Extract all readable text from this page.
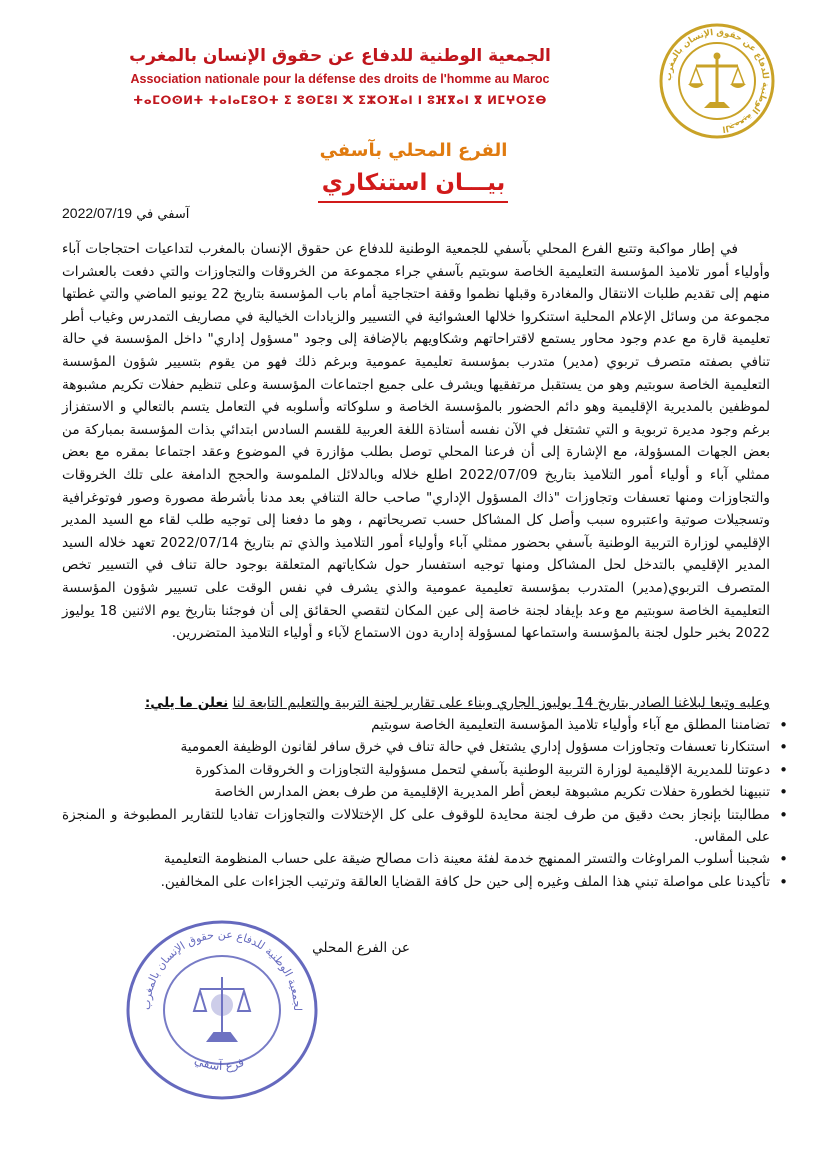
الجمعية الوطنية للدفاع عن حقوق الإنسان بالمغرب
Association nationale pour la défense des droits de l'homme au Maroc
ⵜⴰⵎⵔⵙⵍⵜ ⵜⴰⵏⴰⵎⵓⵔⵜ ⵉ ⵓⵙⵎⵓⵏ ⵅ ⵉⵣⵔⴼⴰⵏ ⵏ ⵓⴼⴳⴰⵏ ⴳ ⵍⵎⵖⵔⵉⴱ
الجمعية الوطنية للدفاع عن حقوق الإنسان بالمغرب
الفرع المحلي بآسفي
بيـــان استنكاري
آسفي في 2022/07/19
في إطار مواكبة وتتبع الفرع المحلي بآسفي للجمعية الوطنية للدفاع عن حقوق الإنسان بالمغرب لتداعيات احتجاجات آباء وأولياء أمور تلاميذ المؤسسة التعليمية الخاصة سوبتيم بآسفي جراء مجموعة من الخروقات والتجاوزات والتي دفعت بالعشرات منهم إلى تقديم طلبات الانتقال والمغادرة وقبلها نظموا وقفة احتجاجية أمام باب المؤسسة بتاريخ 22 يونيو الماضي والتي غطتها مجموعة من وسائل الإعلام المحلية استنكروا خلالها العشوائية في التسيير والزيادات الخيالية في مصاريف التمدرس وغياب أطر تعليمية قارة مع عدم وجود محاور يستمع لاقتراحاتهم وشكاويهم بالإضافة إلى وجود "مسؤول إداري" داخل المؤسسة في حالة تنافي بصفته متصرف تربوي (مدير) متدرب بمؤسسة تعليمية عمومية وبرغم ذلك فهو من يقوم بتسيير شؤون المؤسسة التعليمية الخاصة سوبتيم وهو من يستقبل مرتفقيها ويشرف على جميع اجتماعات المؤسسة وعلى تنظيم حفلات تكريم مشبوهة لموظفين بالمديرية الإقليمية وهو دائم الحضور بالمؤسسة الخاصة و سلوكاته وأسلوبه في التعامل يتسم بالتعالي و الاستفزاز برغم وجود مديرة تربوية و التي تشتغل في الآن نفسه أستاذة اللغة العربية للقسم السادس ابتدائي بذات المؤسسة بمباركة من بعض الجهات المسؤولة، مع الإشارة إلى أن فرعنا المحلي توصل بطلب مؤازرة في الموضوع وعقد اجتماعا بمقره مع بعض ممثلي آباء و أولياء أمور التلاميذ بتاريخ 2022/07/09 اطلع خلاله وبالدلائل الملموسة والحجج الدامغة على تلك الخروقات والتجاوزات ومنها تعسفات وتجاوزات "ذاك المسؤول الإداري" صاحب حالة التنافي بعد مدنا بأشرطة مصورة وصور فوتوغرافية وتسجيلات صوتية واعتبروه سبب وأصل كل المشاكل حسب تصريحاتهم ، وهو ما دفعنا إلى توجيه طلب لقاء مع السيد المدير الإقليمي لوزارة التربية الوطنية بآسفي بحضور ممثلي آباء وأولياء أمور التلاميذ والذي تم بتاريخ 2022/07/14 تعهد خلاله السيد المدير الإقليمي بالتدخل لحل المشاكل ومنها توجيه استفسار حول شكاياتهم المتعلقة بوجود حالة تناف في التسيير تخص المتصرف التربوي(مدير) المتدرب بمؤسسة تعليمية عمومية والذي يشرف في نفس الوقت على تسيير شؤون المؤسسة التعليمية الخاصة سوبتيم مع وعد بإيفاد لجنة خاصة إلى عين المكان لتقصي الحقائق إلى أن فوجئنا بتاريخ يوم الاثنين 18 يوليوز 2022 بخبر حلول لجنة بالمؤسسة واستماعها لمسؤولة إدارية دون الاستماع لآباء و أولياء التلاميذ المتضررين.
وعليه وتبعا لبلاغنا الصادر بتاريخ 14 يوليوز الجاري وبناء على تقارير لجنة التربية والتعليم التابعة لنا نعلن ما يلي:
• تضامننا المطلق مع آباء وأولياء تلاميذ المؤسسة التعليمية الخاصة سوبتيم
• استنكارنا تعسفات وتجاوزات مسؤول إداري يشتغل في حالة تناف في خرق سافر لقانون الوظيفة العمومية
• دعوتنا للمديرية الإقليمية لوزارة التربية الوطنية بآسفي لتحمل مسؤولية التجاوزات و الخروقات المذكورة
• تنبيهنا لخطورة حفلات تكريم مشبوهة لبعض أطر المديرية الإقليمية من طرف بعض المدارس الخاصة
• مطالبتنا بإنجاز بحث دقيق من طرف لجنة محايدة للوقوف على كل الإختلالات والتجاوزات تفاديا للتقارير المطبوخة و المنجزة على المقاس.
• شجبنا أسلوب المراوغات والتستر الممنهج خدمة لفئة معينة ذات مصالح ضيقة على حساب المنظومة التعليمية
• تأكيدنا على مواصلة تبني هذا الملف وغيره إلى حين حل كافة القضايا العالقة وترتيب الجزاءات على المخالفين.
عن الفرع المحلي
لجمعية الوطنية للدفاع عن حقوق الإنسان بالمغرب
فرع آسفي
